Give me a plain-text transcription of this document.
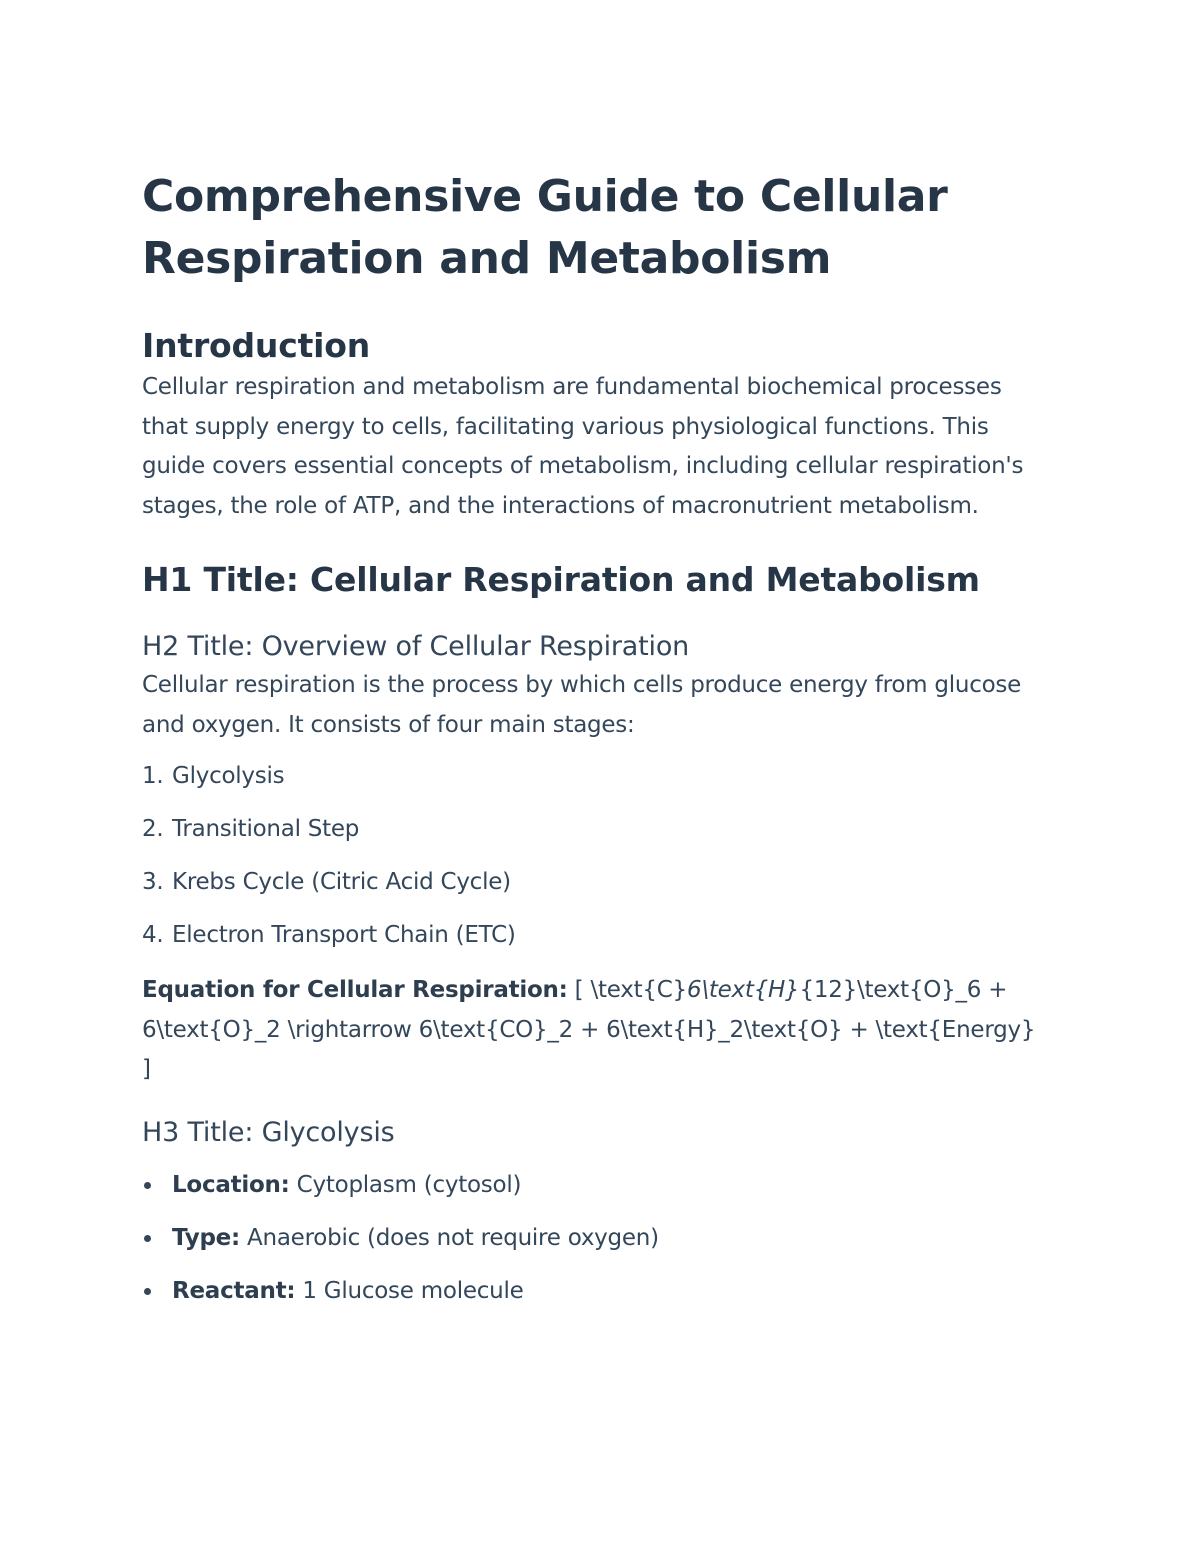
Comprehensive Guide to Cellular Respiration and Metabolism
Introduction

Cellular respiration and metabolism are fundamental biochemical processes that supply energy to cells, facilitating various physiological functions. This guide covers essential concepts of metabolism, including cellular respiration's stages, the role of ATP, and the interactions of macronutrient metabolism.

H1 Title: Cellular Respiration and Metabolism
H2 Title: Overview of Cellular Respiration

Cellular respiration is the process by which cells produce energy from glucose and oxygen. It consists of four main stages:

1. Glycolysis
2. Transitional Step
3. Krebs Cycle (Citric Acid Cycle)
4. Electron Transport Chain (ETC)

Equation for Cellular Respiration: [ \text{C}6\text{H}{12}\text{O}_6 + 6\text{O}_2 \rightarrow 6\text{CO}_2 + 6\text{H}_2\text{O} + \text{Energy} ]

H3 Title: Glycolysis
Location: Cytoplasm (cytosol)
Type: Anaerobic (does not require oxygen)
Reactant: 1 Glucose molecule
